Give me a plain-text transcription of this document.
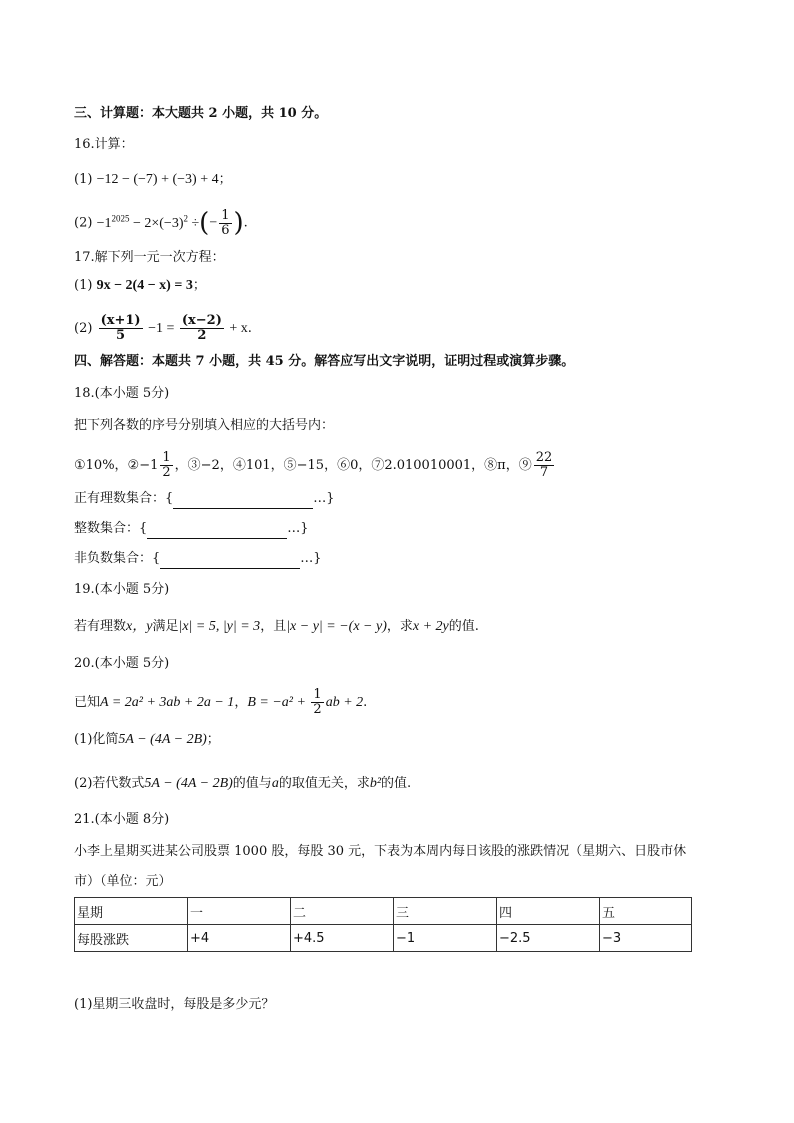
三、计算题：本大题共 2 小题，共 10 分。
16.计算：
(1) −12 − (−7) + (−3) + 4；
$(2) -1^{2025} - 2\times(-3)^2$ ÷(− $\frac{1}{6}$ ).
17.解下列一元一次方程：
(1) 9x − 2(4 − x) = 3；
$(2) \frac{(x+1)}{5} -1 = \frac{(x-2)}{2} + x$.
四、解答题：本题共 7 小题，共 45 分。解答应写出文字说明，证明过程或演算步骤。
18.(本小题 5分)
把下列各数的序号分别填入相应的大括号内：
①10%，②−1 $\frac{1}{2}$ ，③−2，④101，⑤−15，⑥0，⑦2.010010001，⑧π，⑨ $\frac{22}{7}$
正有理数集合：{	…}
整数集合：{	…}
非负数集合：{	…}
19.(本小题 5分)
若有理数x，y满足|x| = 5, |y| = 3，且|x − y| = −(x − y)，求x + 2y的值.
20.(本小题 5分)
已知A = 2a² + 3ab + 2a − 1，$B = -a^2 + \frac{1}{2}$ ab + 2.
(1)化简5A − (4A − 2B)；
(2)若代数式5A − (4A − 2B)的值与a的取值无关，求b²的值.
21.(本小题 8分)
小李上星期买进某公司股票 1000 股，每股 30 元，下表为本周内每日该股的涨跌情况（星期六、日股市休
市）（单位：元）
星期	一	二	三	四	五
每股涨跌	+4	+4.5	−1	−2.5	−3
(1)星期三收盘时，每股是多少元？
